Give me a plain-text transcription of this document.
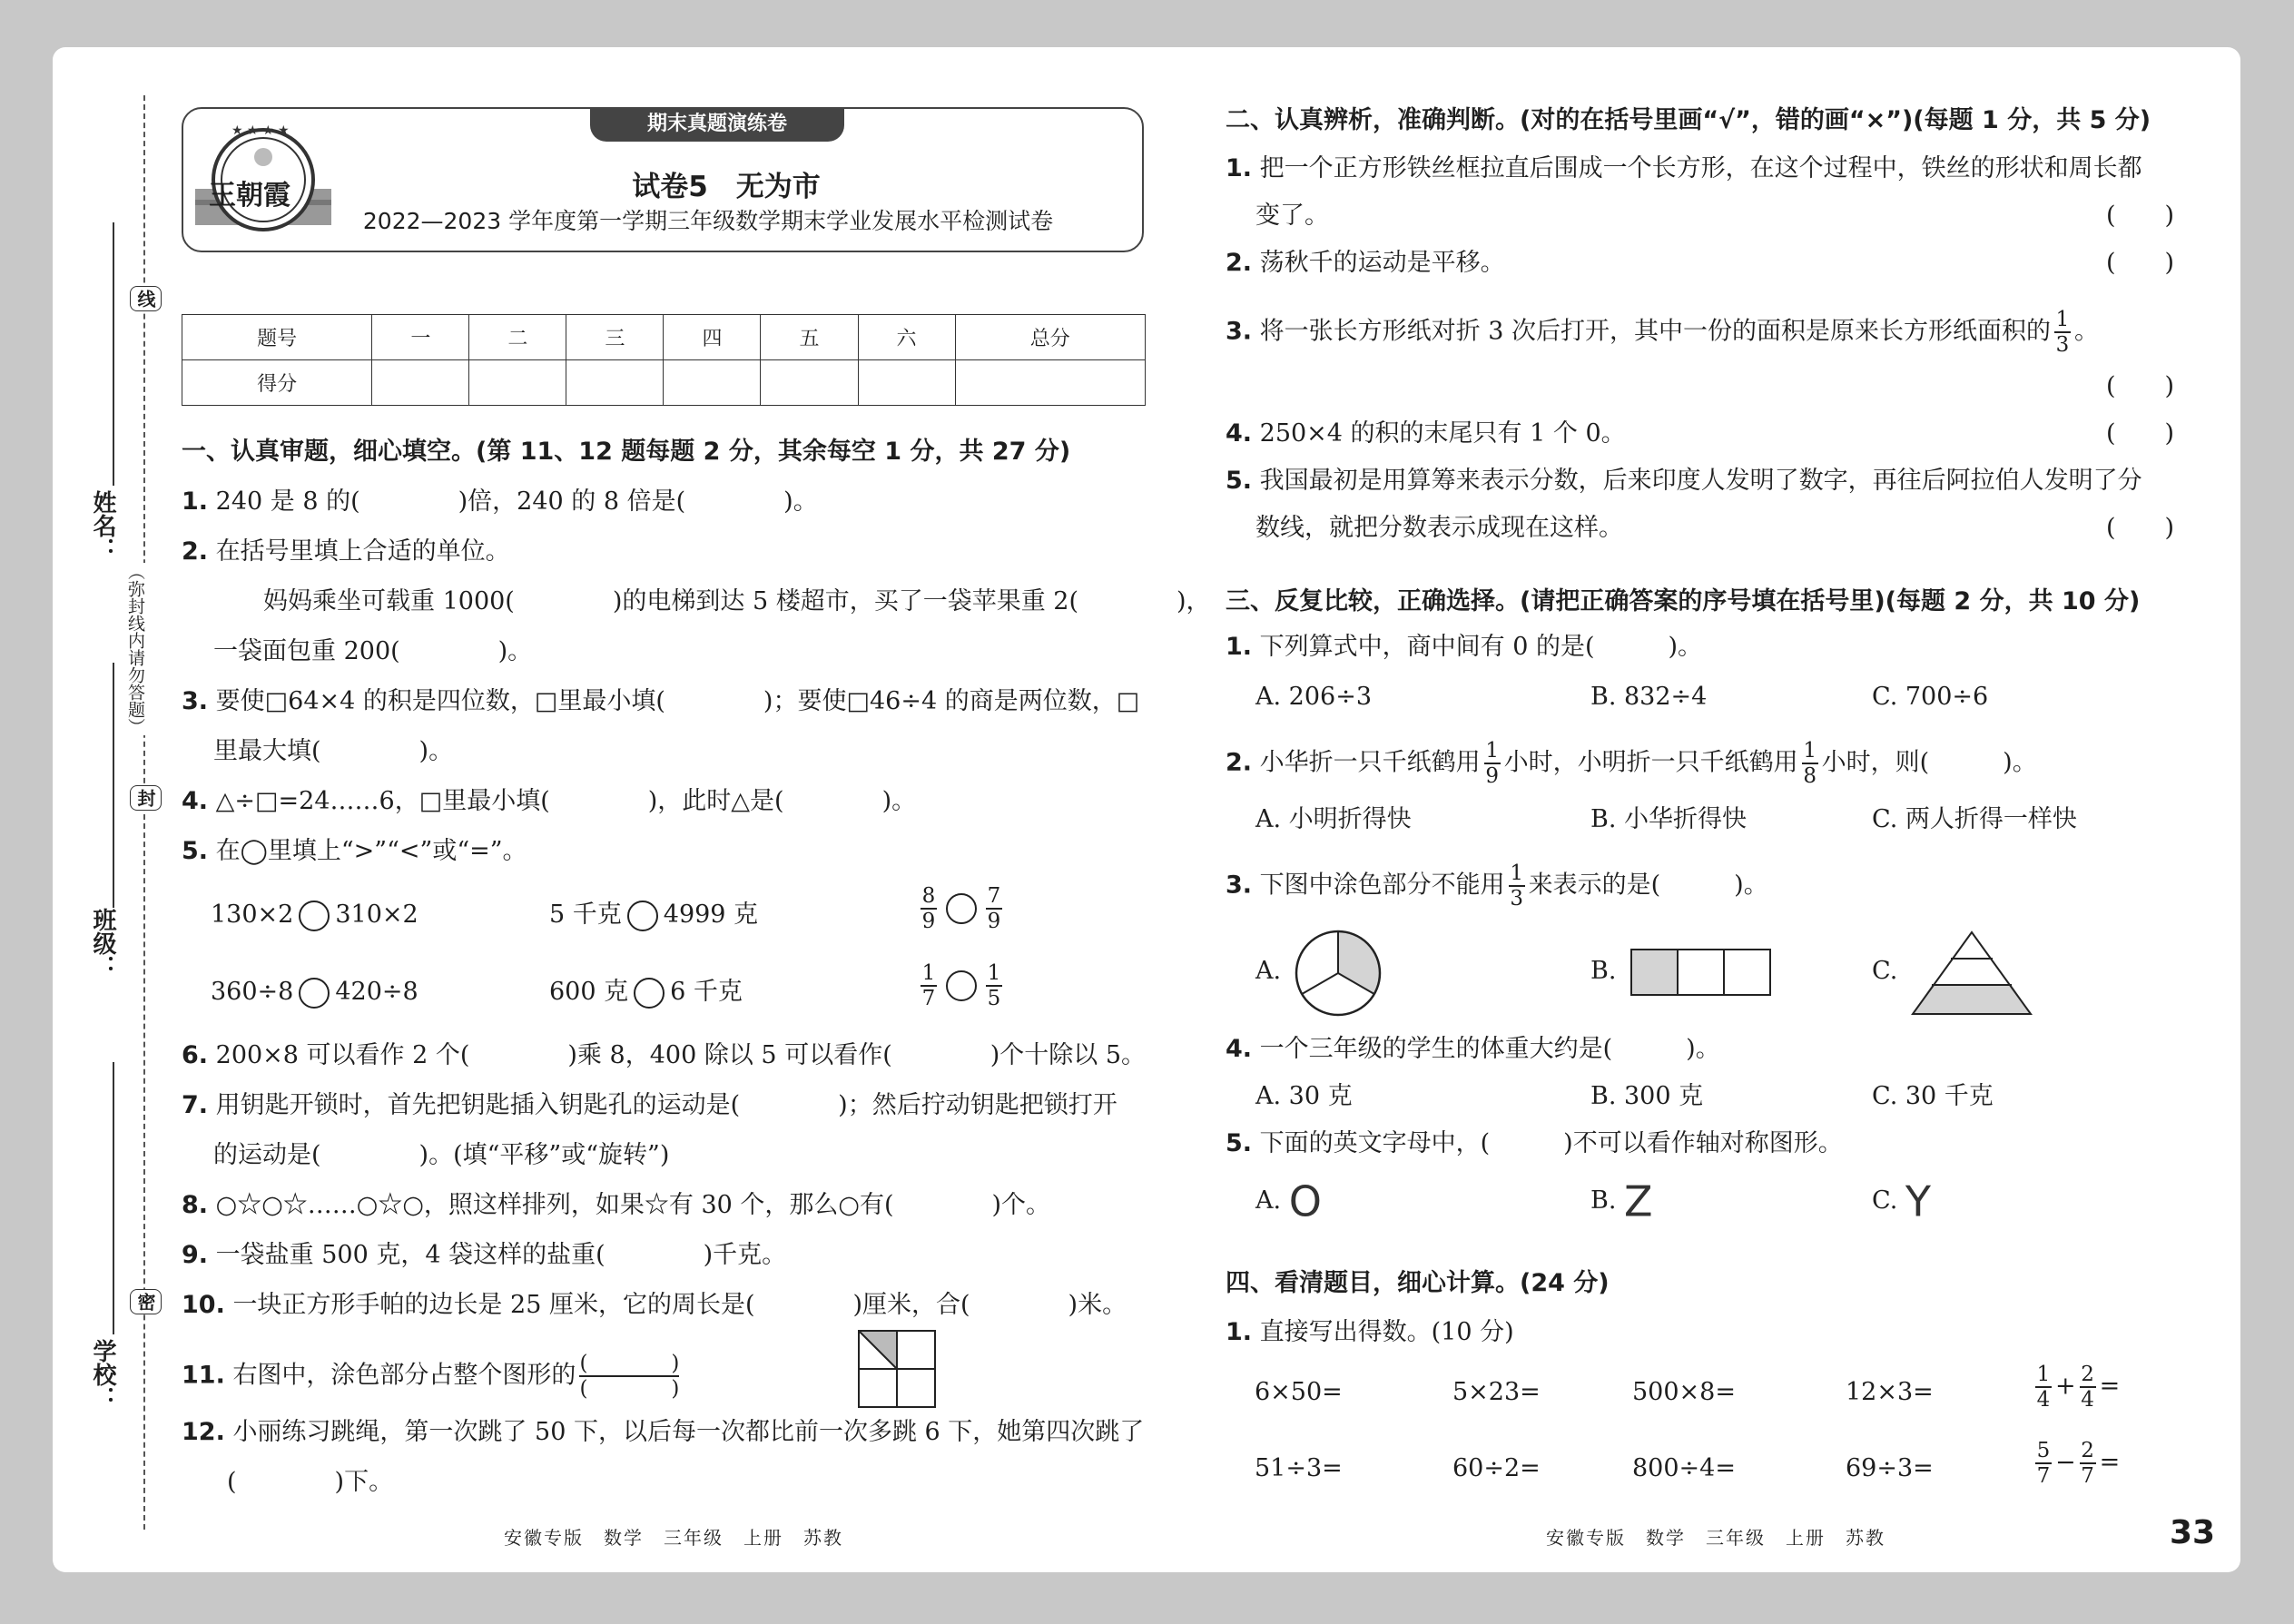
线
封
密
（弥封线内请勿答题）
学校：
班级：
姓名：
期末真题演练卷
★ ★ ★ ★
王朝霞	试卷5　无为市
2022—2023 学年度第一学期三年级数学期末学业发展水平检测试卷
题号	一	二	三	四	五	六	总分
得分							
一、认真审题，细心填空。(第 11、12 题每题 2 分，其余每空 1 分，共 27 分)
1. 240 是 8 的(　　　　)倍，240 的 8 倍是(　　　　)。
2. 在括号里填上合适的单位。
妈妈乘坐可载重 1000(　　　　)的电梯到达 5 楼超市，买了一袋苹果重 2(　　　　)，
一袋面包重 200(　　　　)。
3. 要使□64×4 的积是四位数，□里最小填(　　　　)；要使□46÷4 的商是两位数，□
里最大填(　　　　)。
4. △÷□=24……6，□里最小填(　　　　)，此时△是(　　　　)。
5. 在◯里填上“>”“<”或“=”。
130×2 310×2	5 千克 4999 克	$\frac{8}{9} \frac{7}{9}$
360÷8 420÷8	600 克 6 千克	$\frac{1}{7} \frac{1}{5}$
6. 200×8 可以看作 2 个(　　　　)乘 8，400 除以 5 可以看作(　　　　)个十除以 5。
7. 用钥匙开锁时，首先把钥匙插入钥匙孔的运动是(　　　　)；然后拧动钥匙把锁打开
的运动是(　　　　)。(填“平移”或“旋转”)
8. ○☆○☆……○☆○，照这样排列，如果☆有 30 个，那么○有(　　　　)个。
9. 一袋盐重 500 克，4 袋这样的盐重(　　　　)千克。
10. 一块正方形手帕的边长是 25 厘米，它的周长是(　　　　)厘米，合(　　　　)米。
11. 右图中，涂色部分占整个图形的 $\frac{( )}{( )}$
12. 小丽练习跳绳，第一次跳了 50 下，以后每一次都比前一次多跳 6 下，她第四次跳了
(　　　　)下。
安徽专版　数学　三年级　上册　苏教
二、认真辨析，准确判断。(对的在括号里画“√”，错的画“×”)(每题 1 分，共 5 分)
1. 把一个正方形铁丝框拉直后围成一个长方形，在这个过程中，铁丝的形状和周长都
变了。	(　　)
2. 荡秋千的运动是平移。	(　　)
3. 将一张长方形纸对折 3 次后打开，其中一份的面积是原来长方形纸面积的 $\frac{1}{3}$ 。
(　　)
4. 250×4 的积的末尾只有 1 个 0。	(　　)
5. 我国最初是用算筹来表示分数，后来印度人发明了数字，再往后阿拉伯人发明了分
数线，就把分数表示成现在这样。	(　　)
三、反复比较，正确选择。(请把正确答案的序号填在括号里)(每题 2 分，共 10 分)
1. 下列算式中，商中间有 0 的是(　　　)。
A. 206÷3	B. 832÷4	C. 700÷6
2. 小华折一只千纸鹤用 $\frac{1}{9}$ 小时，小明折一只千纸鹤用 $\frac{1}{8}$ 小时，则(　　　)。
A. 小明折得快	B. 小华折得快	C. 两人折得一样快
3. 下图中涂色部分不能用 $\frac{1}{3}$ 来表示的是(　　　)。
A.	B.	C.
4. 一个三年级的学生的体重大约是(　　　)。
A. 30 克	B. 300 克	C. 30 千克
5. 下面的英文字母中，(　　　)不可以看作轴对称图形。
A. O	B. Z	C. Y
四、看清题目，细心计算。(24 分)
1. 直接写出得数。(10 分)
6×50=	5×23=	500×8=	12×3=	$\frac{1}{4} + \frac{2}{4}$ =
51÷3=	60÷2=	800÷4=	69÷3=	$\frac{5}{7} - \frac{2}{7}$ =
安徽专版　数学　三年级　上册　苏教	33
